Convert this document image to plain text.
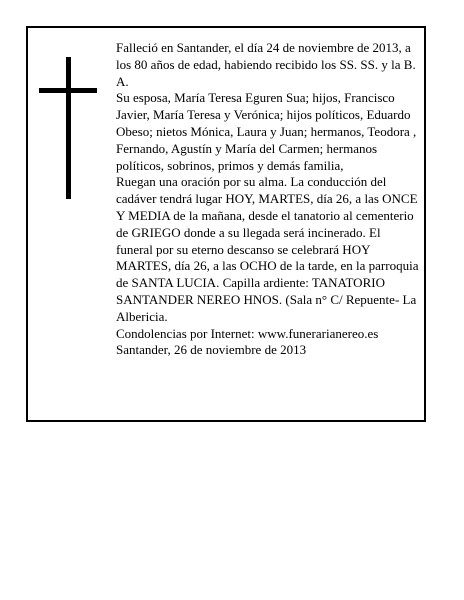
Falleció en Santander, el día 24 de noviembre de 2013, a los 80 años de edad, habiendo recibido los SS. SS. y la B. A.

Su esposa, María Teresa Eguren Sua; hijos, Francisco Javier, María Teresa y Verónica; hijos políticos, Eduardo Obeso; nietos Mónica, Laura y Juan; hermanos, Teodora , Fernando, Agustín y María del Carmen; hermanos políticos, sobrinos, primos y demás familia,

Ruegan una oración por su alma. La conducción del cadáver tendrá lugar HOY, MARTES, día 26, a las ONCE Y MEDIA de la mañana, desde el tanatorio al cementerio de GRIEGO donde a su llegada será incinerado. El funeral por su eterno descanso se celebrará HOY MARTES, día 26, a las OCHO de la tarde, en la parroquia de SANTA LUCIA. Capilla ardiente: TANATORIO SANTANDER NEREO HNOS. (Sala n° C/ Repuente- La Albericia.

Condolencias por Internet: www.funerarianereo.es

Santander, 26 de noviembre de 2013
